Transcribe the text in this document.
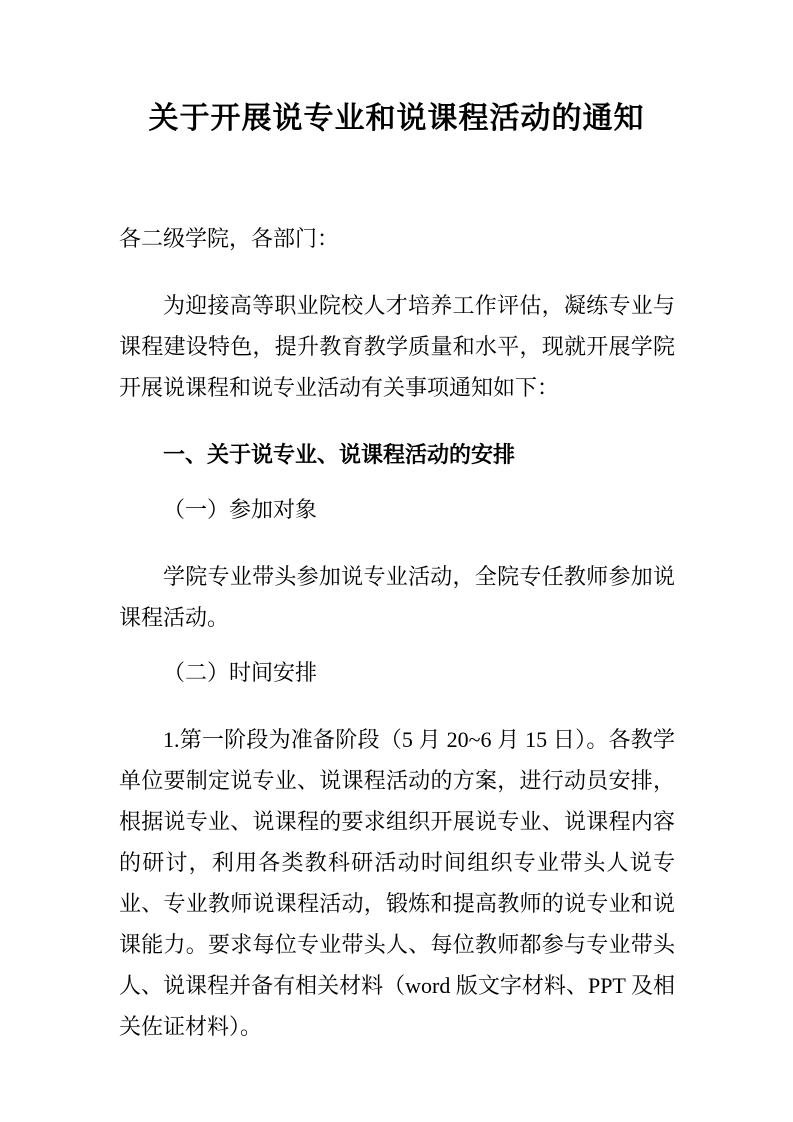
关于开展说专业和说课程活动的通知

各二级学院，各部门：

为迎接高等职业院校人才培养工作评估，凝练专业与课程建设特色，提升教育教学质量和水平，现就开展学院开展说课程和说专业活动有关事项通知如下：

一、关于说专业、说课程活动的安排

（一）参加对象

学院专业带头参加说专业活动，全院专任教师参加说课程活动。

（二）时间安排

1.第一阶段为准备阶段（5 月 20~6 月 15 日）。各教学单位要制定说专业、说课程活动的方案，进行动员安排，根据说专业、说课程的要求组织开展说专业、说课程内容的研讨，利用各类教科研活动时间组织专业带头人说专业、专业教师说课程活动，锻炼和提高教师的说专业和说课能力。要求每位专业带头人、每位教师都参与专业带头人、说课程并备有相关材料（word 版文字材料、PPT 及相关佐证材料）。
